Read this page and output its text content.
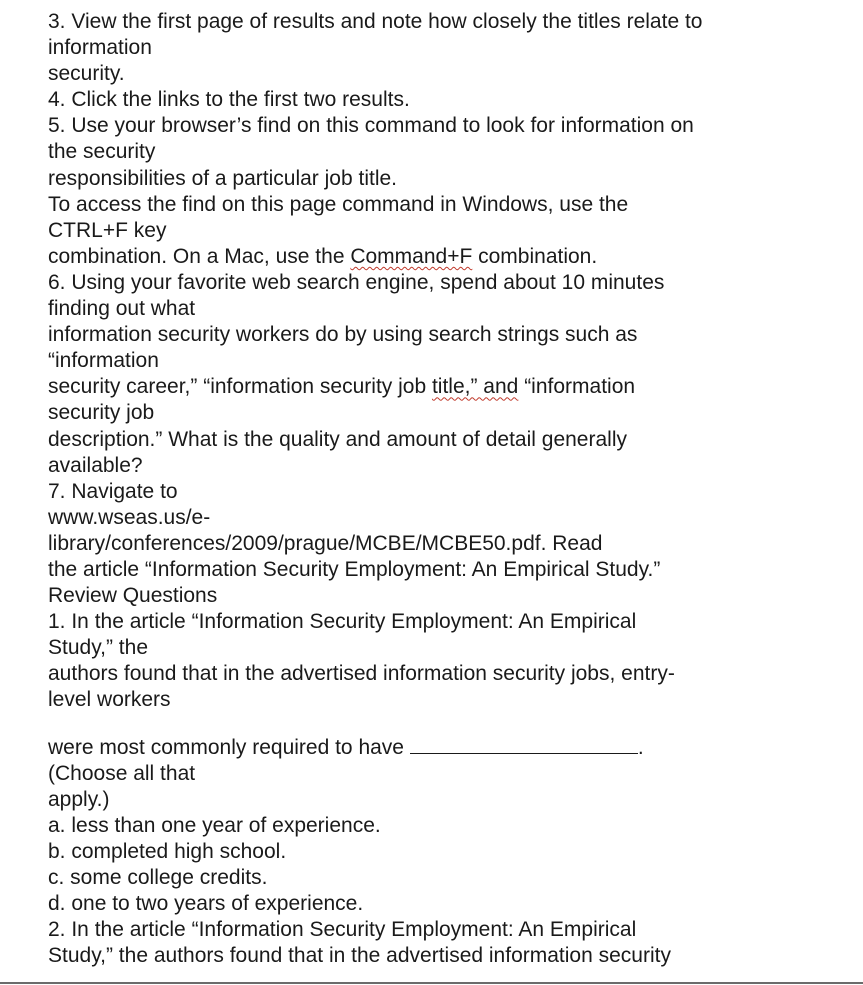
3. View the first page of results and note how closely the titles relate to
information
security.
4. Click the links to the first two results.
5. Use your browser’s find on this command to look for information on
the security
responsibilities of a particular job title.
To access the find on this page command in Windows, use the
CTRL+F key
combination. On a Mac, use the Command+F combination.
6. Using your favorite web search engine, spend about 10 minutes
finding out what
information security workers do by using search strings such as
“information
security career,” “information security job title,” and “information
security job
description.” What is the quality and amount of detail generally
available?
7. Navigate to
www.wseas.us/e-
library/conferences/2009/prague/MCBE/MCBE50.pdf. Read
the article “Information Security Employment: An Empirical Study.”
Review Questions
1. In the article “Information Security Employment: An Empirical
Study,” the
authors found that in the advertised information security jobs, entry-
level workers
were most commonly required to have	.
(Choose all that
apply.)
a. less than one year of experience.
b. completed high school.
c. some college credits.
d. one to two years of experience.
2. In the article “Information Security Employment: An Empirical
Study,” the authors found that in the advertised information security
